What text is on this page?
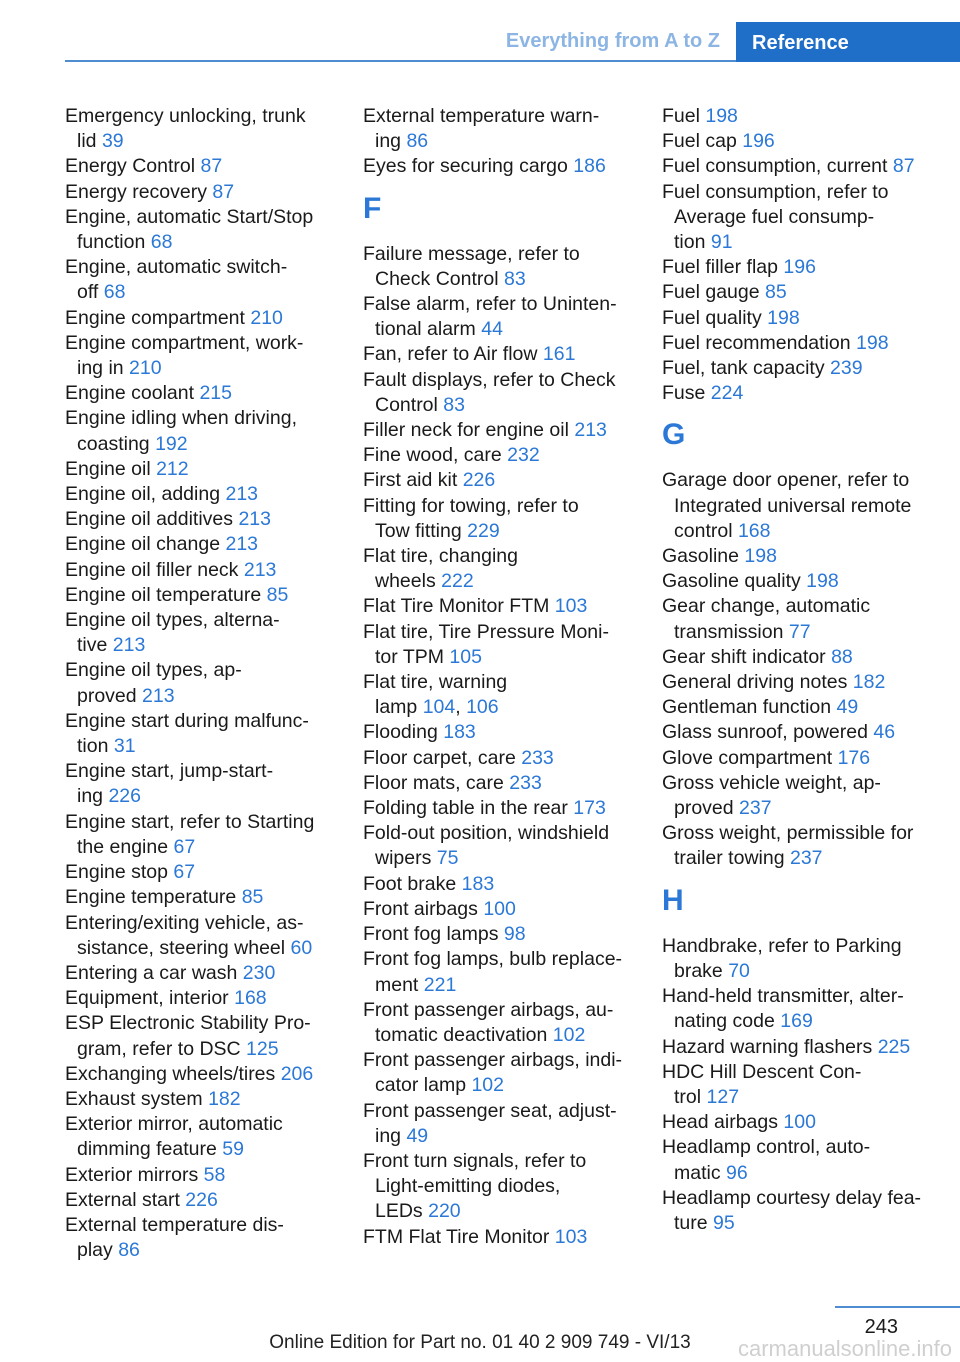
Everything from A to Z	Reference
Emergency unlocking, trunk
lid 39
Energy Control 87
Energy recovery 87
Engine, automatic Start/Stop
function 68
Engine, automatic switch-
off 68
Engine compartment 210
Engine compartment, work-
ing in 210
Engine coolant 215
Engine idling when driving,
coasting 192
Engine oil 212
Engine oil, adding 213
Engine oil additives 213
Engine oil change 213
Engine oil filler neck 213
Engine oil temperature 85
Engine oil types, alterna-
tive 213
Engine oil types, ap-
proved 213
Engine start during malfunc-
tion 31
Engine start, jump-start-
ing 226
Engine start, refer to Starting
the engine 67
Engine stop 67
Engine temperature 85
Entering/exiting vehicle, as-
sistance, steering wheel 60
Entering a car wash 230
Equipment, interior 168
ESP Electronic Stability Pro-
gram, refer to DSC 125
Exchanging wheels/tires 206
Exhaust system 182
Exterior mirror, automatic
dimming feature 59
Exterior mirrors 58
External start 226
External temperature dis-
play 86
External temperature warn-
ing 86
Eyes for securing cargo 186
F
Failure message, refer to
Check Control 83
False alarm, refer to Uninten-
tional alarm 44
Fan, refer to Air flow 161
Fault displays, refer to Check
Control 83
Filler neck for engine oil 213
Fine wood, care 232
First aid kit 226
Fitting for towing, refer to
Tow fitting 229
Flat tire, changing
wheels 222
Flat Tire Monitor FTM 103
Flat tire, Tire Pressure Moni-
tor TPM 105
Flat tire, warning
lamp 104, 106
Flooding 183
Floor carpet, care 233
Floor mats, care 233
Folding table in the rear 173
Fold-out position, windshield
wipers 75
Foot brake 183
Front airbags 100
Front fog lamps 98
Front fog lamps, bulb replace-
ment 221
Front passenger airbags, au-
tomatic deactivation 102
Front passenger airbags, indi-
cator lamp 102
Front passenger seat, adjust-
ing 49
Front turn signals, refer to
Light-emitting diodes,
LEDs 220
FTM Flat Tire Monitor 103
Fuel 198
Fuel cap 196
Fuel consumption, current 87
Fuel consumption, refer to
Average fuel consump-
tion 91
Fuel filler flap 196
Fuel gauge 85
Fuel quality 198
Fuel recommendation 198
Fuel, tank capacity 239
Fuse 224
G
Garage door opener, refer to
Integrated universal remote
control 168
Gasoline 198
Gasoline quality 198
Gear change, automatic
transmission 77
Gear shift indicator 88
General driving notes 182
Gentleman function 49
Glass sunroof, powered 46
Glove compartment 176
Gross vehicle weight, ap-
proved 237
Gross weight, permissible for
trailer towing 237
H
Handbrake, refer to Parking
brake 70
Hand-held transmitter, alter-
nating code 169
Hazard warning flashers 225
HDC Hill Descent Con-
trol 127
Head airbags 100
Headlamp control, auto-
matic 96
Headlamp courtesy delay fea-
ture 95
243
Online Edition for Part no. 01 40 2 909 749 - VI/13	carmanualsonline.info
